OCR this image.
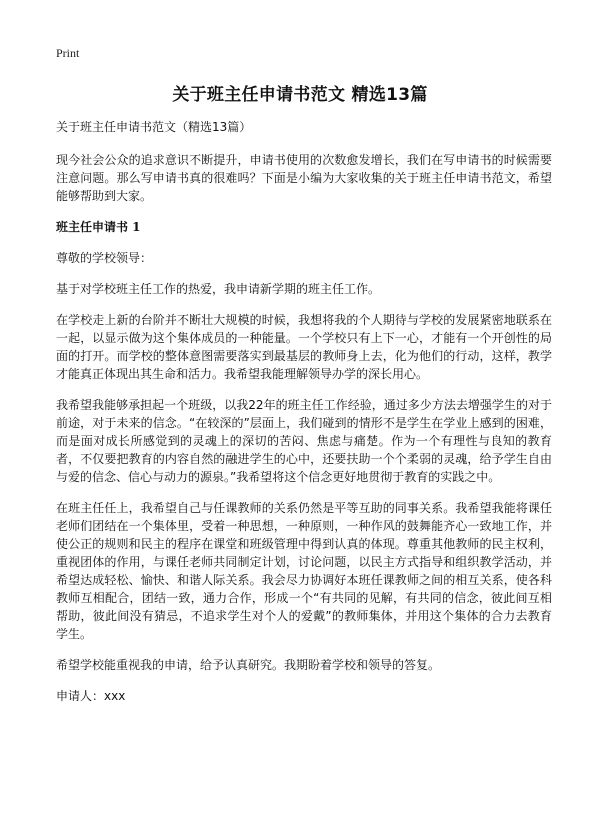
Print
关于班主任申请书范文 精选13篇

关于班主任申请书范文（精选13篇）

现今社会公众的追求意识不断提升，申请书使用的次数愈发增长，我们在写申请书的时候需要注意问题。那么写申请书真的很难吗？下面是小编为大家收集的关于班主任申请书范文，希望能够帮助到大家。

班主任申请书 1

尊敬的学校领导：

基于对学校班主任工作的热爱，我申请新学期的班主任工作。

在学校走上新的台阶并不断壮大规模的时候，我想将我的个人期待与学校的发展紧密地联系在一起，以显示做为这个集体成员的一种能量。一个学校只有上下一心，才能有一个开创性的局面的打开。而学校的整体意图需要落实到最基层的教师身上去，化为他们的行动，这样，教学才能真正体现出其生命和活力。我希望我能理解领导办学的深长用心。

我希望我能够承担起一个班级，以我22年的班主任工作经验，通过多少方法去增强学生的对于前途，对于未来的信念。“在较深的”层面上，我们碰到的情形不是学生在学业上感到的困难，而是面对成长所感觉到的灵魂上的深切的苦闷、焦虑与痛楚。作为一个有理性与良知的教育者，不仅要把教育的内容自然的融进学生的心中，还要扶助一个个柔弱的灵魂，给予学生自由与爱的信念、信心与动力的源泉。”我希望将这个信念更好地贯彻于教育的实践之中。

在班主任任上，我希望自己与任课教师的关系仍然是平等互助的同事关系。我希望我能将课任老师们团结在一个集体里，受着一种思想，一种原则，一种作风的鼓舞能齐心一致地工作，并使公正的规则和民主的程序在课堂和班级管理中得到认真的体现。尊重其他教师的民主权利，重视团体的作用，与课任老师共同制定计划，讨论问题，以民主方式指导和组织教学活动，并希望达成轻松、愉快、和谐人际关系。我会尽力协调好本班任课教师之间的相互关系，使各科教师互相配合，团结一致，通力合作，形成一个“有共同的见解，有共同的信念，彼此间互相帮助，彼此间没有猜忌，不追求学生对个人的爱戴”的教师集体，并用这个集体的合力去教育学生。

希望学校能重视我的申请，给予认真研究。我期盼着学校和领导的答复。

申请人：xxx
